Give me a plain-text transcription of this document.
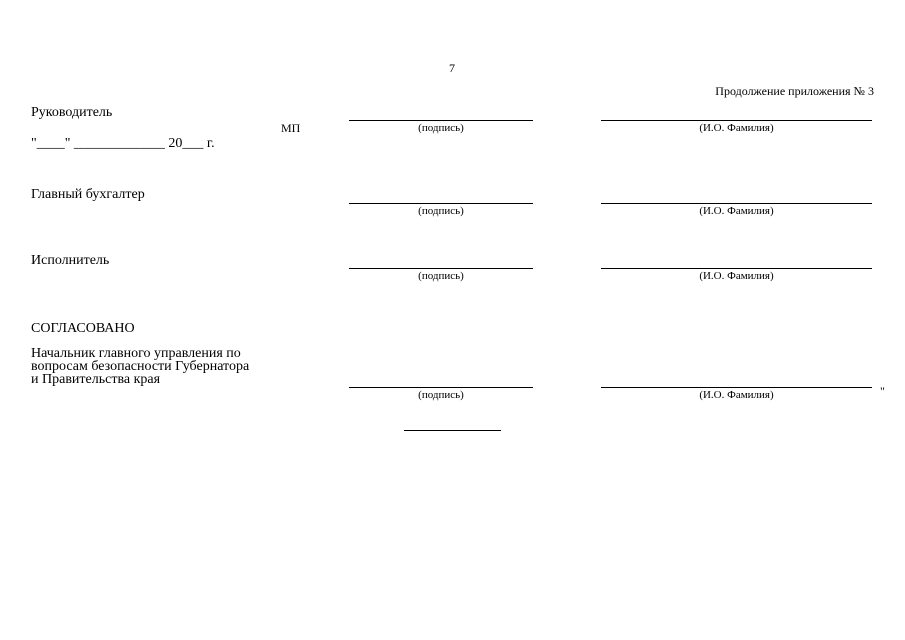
7
Продолжение приложения № 3
Руководитель
МП	(подпись)	(И.О. Фамилия)
"____" _____________ 20___ г.
Главный бухгалтер
(подпись)	(И.О. Фамилия)
Исполнитель
(подпись)	(И.О. Фамилия)
СОГЛАСОВАНО
Начальник главного управления по
вопросам безопасности Губернатора
и Правительства края
(подпись)	(И.О. Фамилия)	"
